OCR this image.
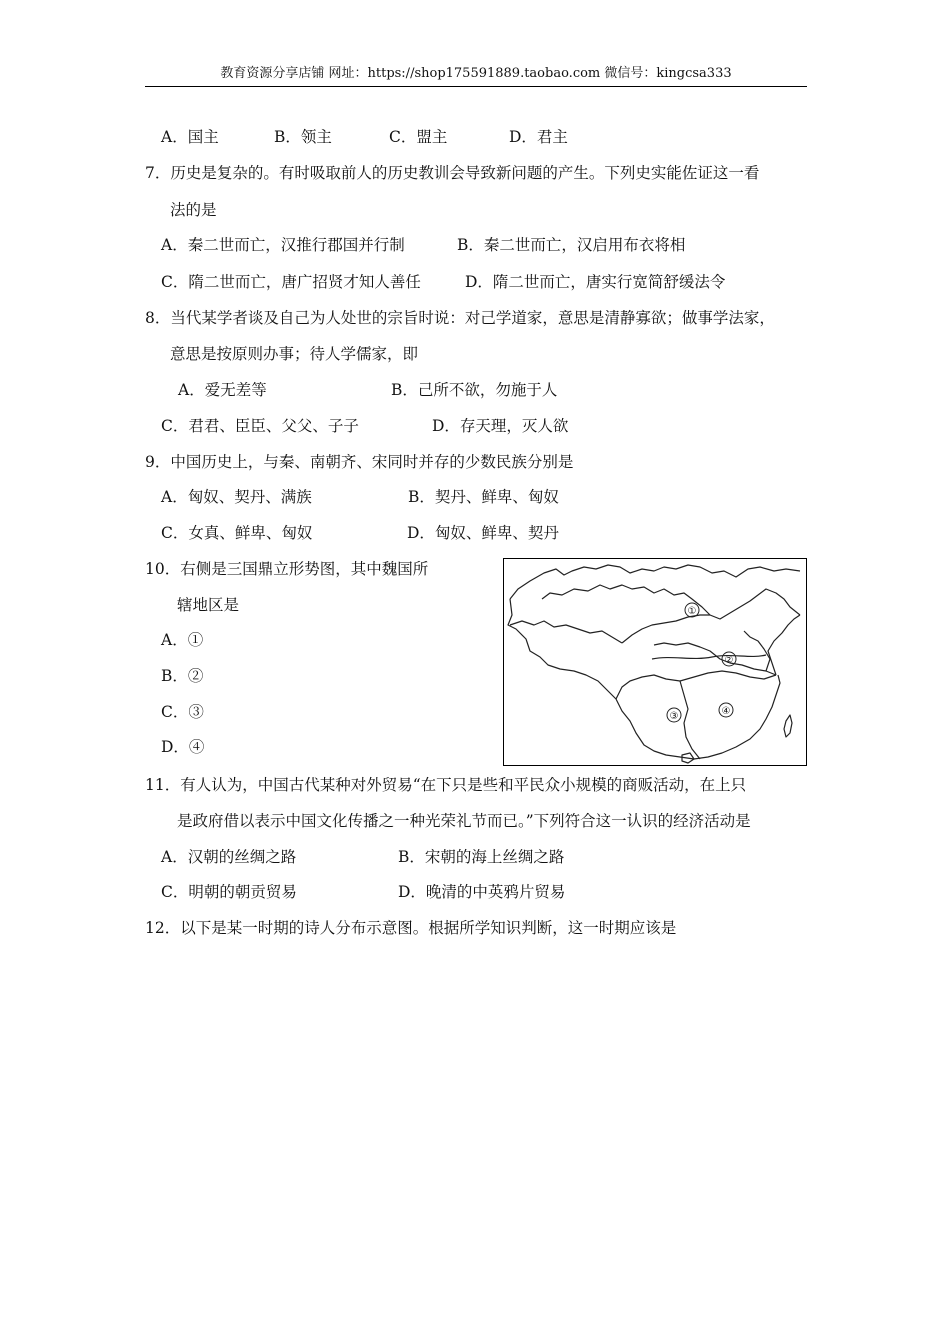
教育资源分享店铺 网址：https://shop175591889.taobao.com 微信号：kingcsa333
A．国主	B．领主	C．盟主	D．君主
7．历史是复杂的。有时吸取前人的历史教训会导致新问题的产生。下列史实能佐证这一看
法的是
A．秦二世而亡，汉推行郡国并行制	B．秦二世而亡，汉启用布衣将相
C．隋二世而亡，唐广招贤才知人善任	D．隋二世而亡，唐实行宽简舒缓法令
8．当代某学者谈及自己为人处世的宗旨时说：对己学道家，意思是清静寡欲；做事学法家，
意思是按原则办事；待人学儒家，即
A．爱无差等	B．己所不欲，勿施于人
C．君君、臣臣、父父、子子	D．存天理，灭人欲
9．中国历史上，与秦、南朝齐、宋同时并存的少数民族分别是
A．匈奴、契丹、满族	B．契丹、鲜卑、匈奴
C．女真、鲜卑、匈奴	D．匈奴、鲜卑、契丹
10．右侧是三国鼎立形势图，其中魏国所
辖地区是
A．①
B．②
C．③
D．④
①
②
③	④
11．有人认为，中国古代某种对外贸易“在下只是些和平民众小规模的商贩活动，在上只
是政府借以表示中国文化传播之一种光荣礼节而已。”下列符合这一认识的经济活动是
A．汉朝的丝绸之路	B．宋朝的海上丝绸之路
C．明朝的朝贡贸易	D．晚清的中英鸦片贸易
12．以下是某一时期的诗人分布示意图。根据所学知识判断，这一时期应该是
